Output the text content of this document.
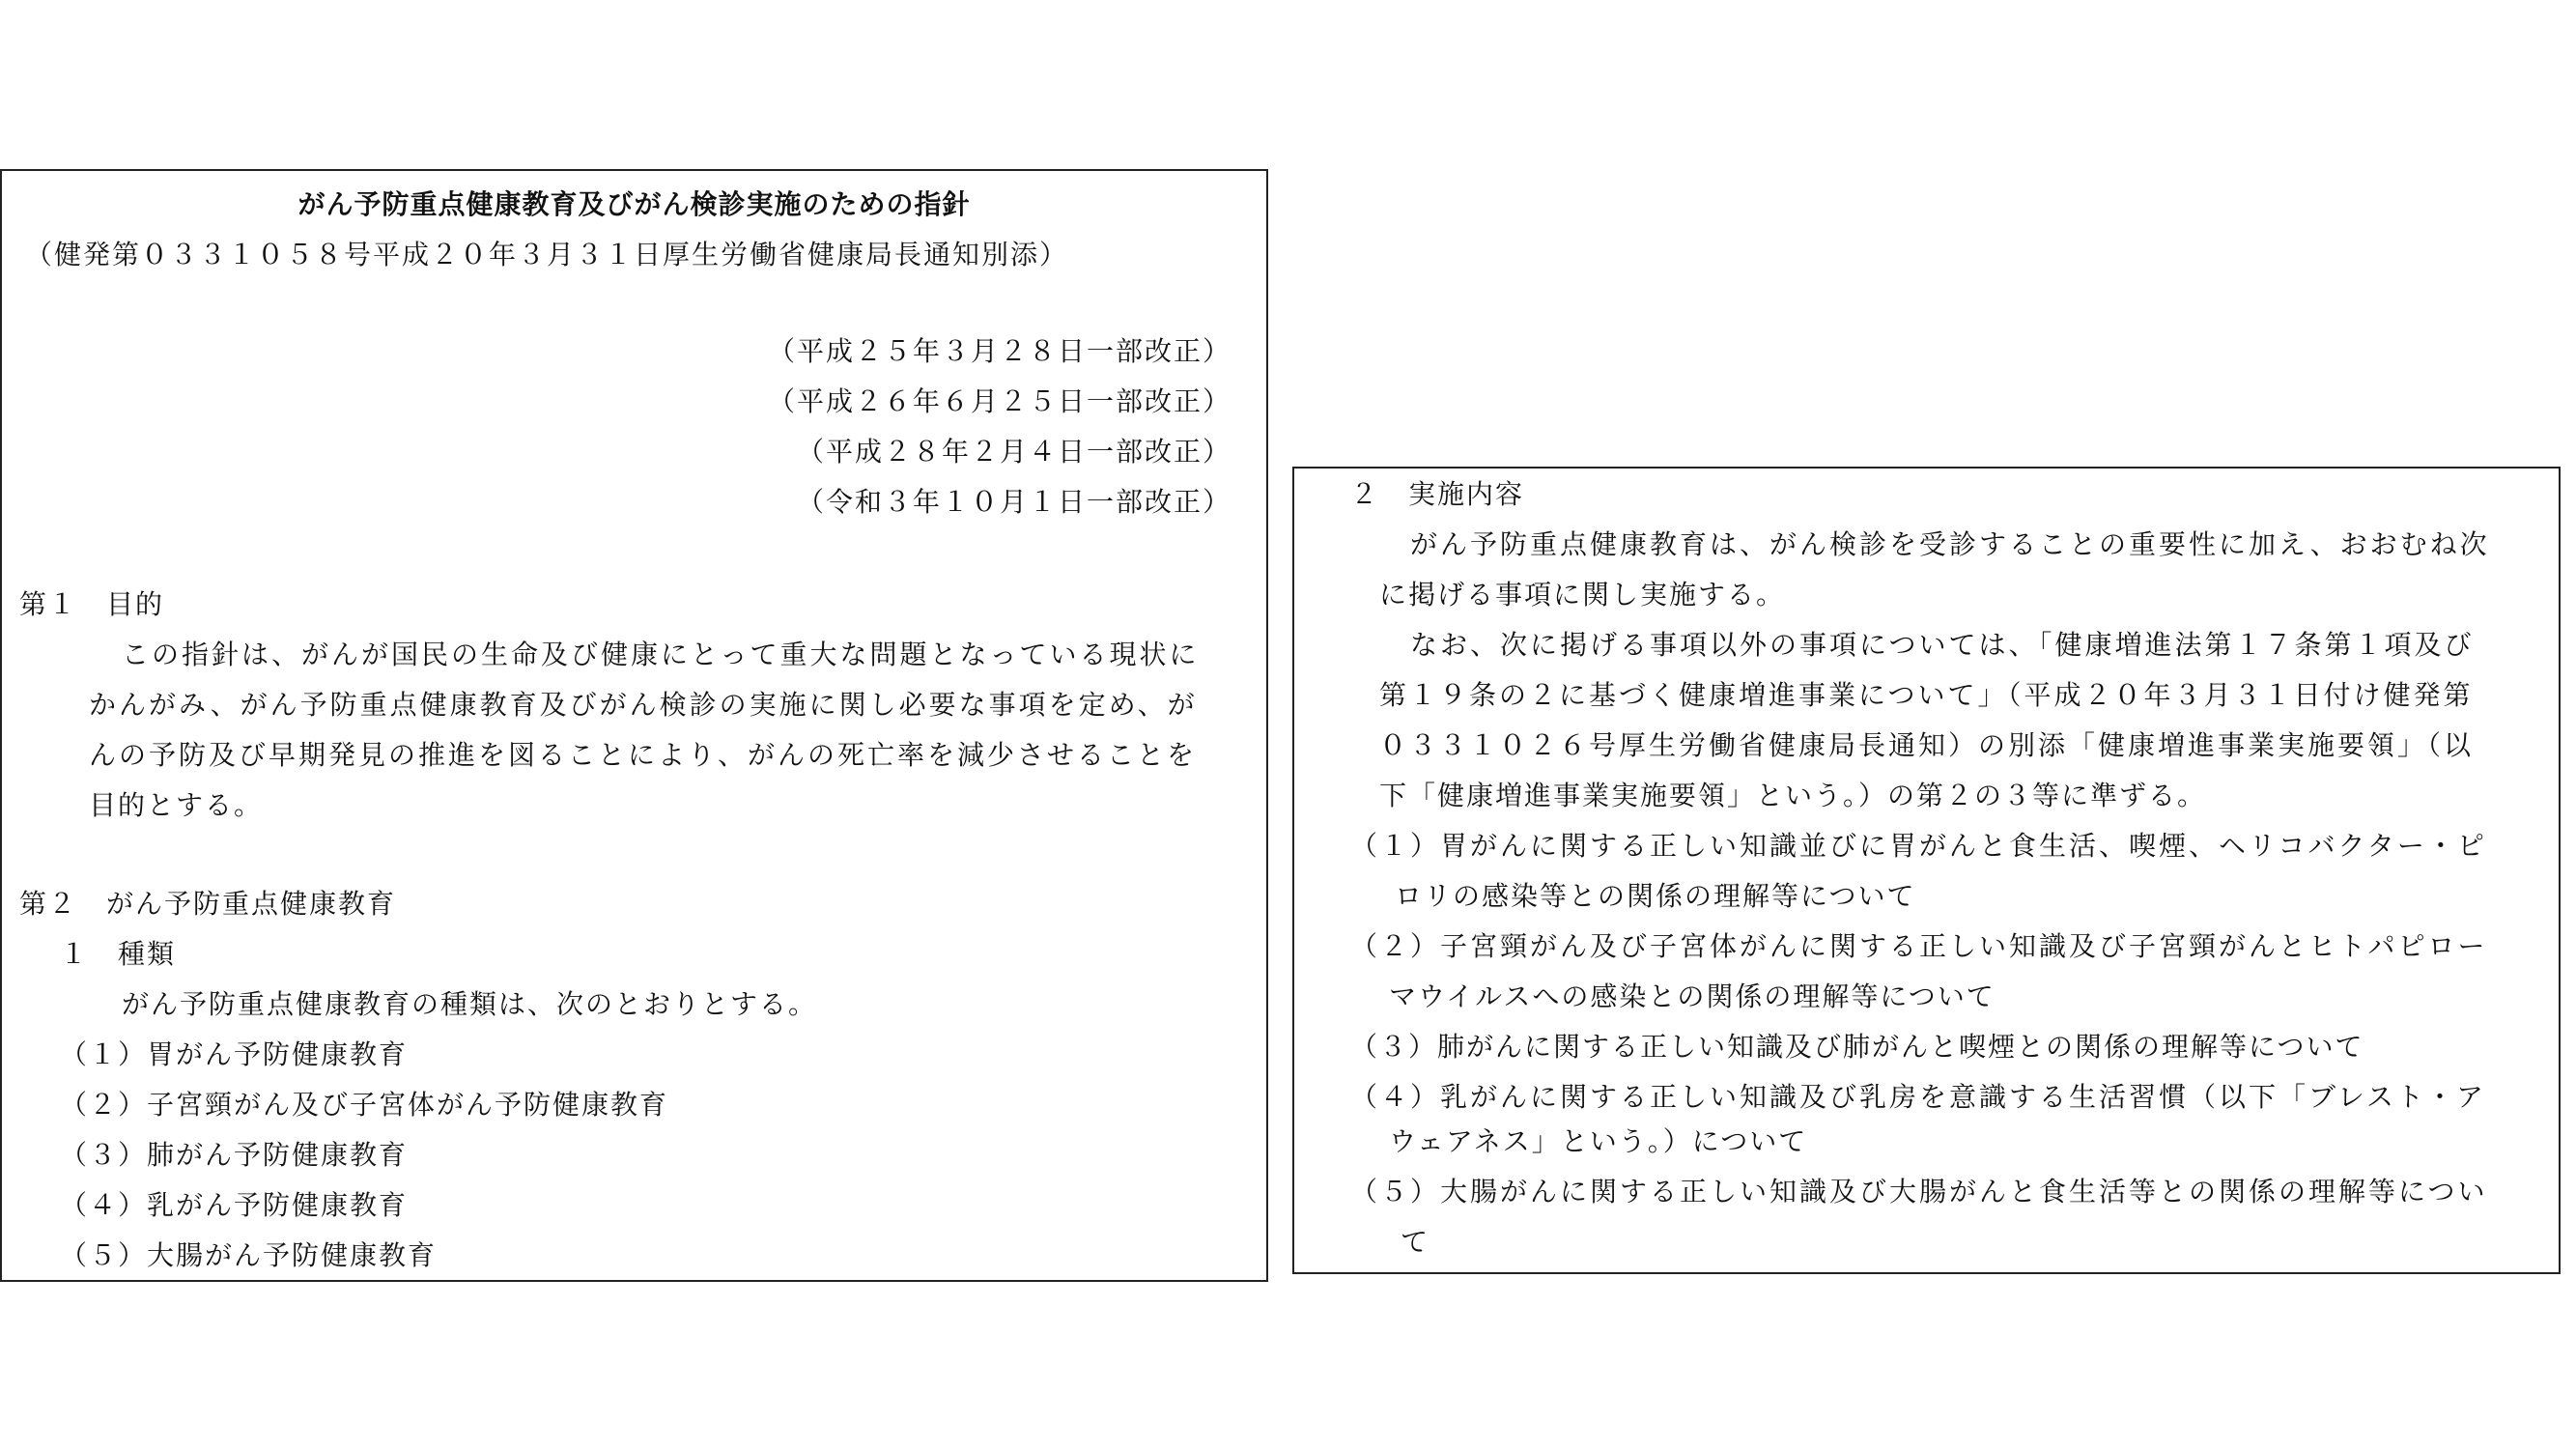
がん予防重点健康教育及びがん検診実施のための指針
（健発第０３３１０５８号平成２０年３月３１日厚生労働省健康局長通知別添）
（平成２５年３月２８日一部改正）
（平成２６年６月２５日一部改正）
（平成２８年２月４日一部改正）
（令和３年１０月１日一部改正）
第１　目的
この指針は、がんが国民の生命及び健康にとって重大な問題となっている現状に
かんがみ、がん予防重点健康教育及びがん検診の実施に関し必要な事項を定め、が
んの予防及び早期発見の推進を図ることにより、がんの死亡率を減少させることを
目的とする。
第２　がん予防重点健康教育
１　種類
がん予防重点健康教育の種類は、次のとおりとする。
（１）胃がん予防健康教育
（２）子宮頸がん及び子宮体がん予防健康教育
（３）肺がん予防健康教育
（４）乳がん予防健康教育
（５）大腸がん予防健康教育
２　実施内容
がん予防重点健康教育は、がん検診を受診することの重要性に加え、おおむね次
に掲げる事項に関し実施する。
なお、次に掲げる事項以外の事項については、「健康増進法第１７条第１項及び
第１９条の２に基づく健康増進事業について」（平成２０年３月３１日付け健発第
０３３１０２６号厚生労働省健康局長通知）の別添「健康増進事業実施要領」（以
下「健康増進事業実施要領」という。）の第２の３等に準ずる。
（１）胃がんに関する正しい知識並びに胃がんと食生活、喫煙、ヘリコバクター・ピ
ロリの感染等との関係の理解等について
（２）子宮頸がん及び子宮体がんに関する正しい知識及び子宮頸がんとヒトパピロー
マウイルスへの感染との関係の理解等について
（３）肺がんに関する正しい知識及び肺がんと喫煙との関係の理解等について
（４）乳がんに関する正しい知識及び乳房を意識する生活習慣（以下「ブレスト・ア
ウェアネス」という。）について
（５）大腸がんに関する正しい知識及び大腸がんと食生活等との関係の理解等につい
て
